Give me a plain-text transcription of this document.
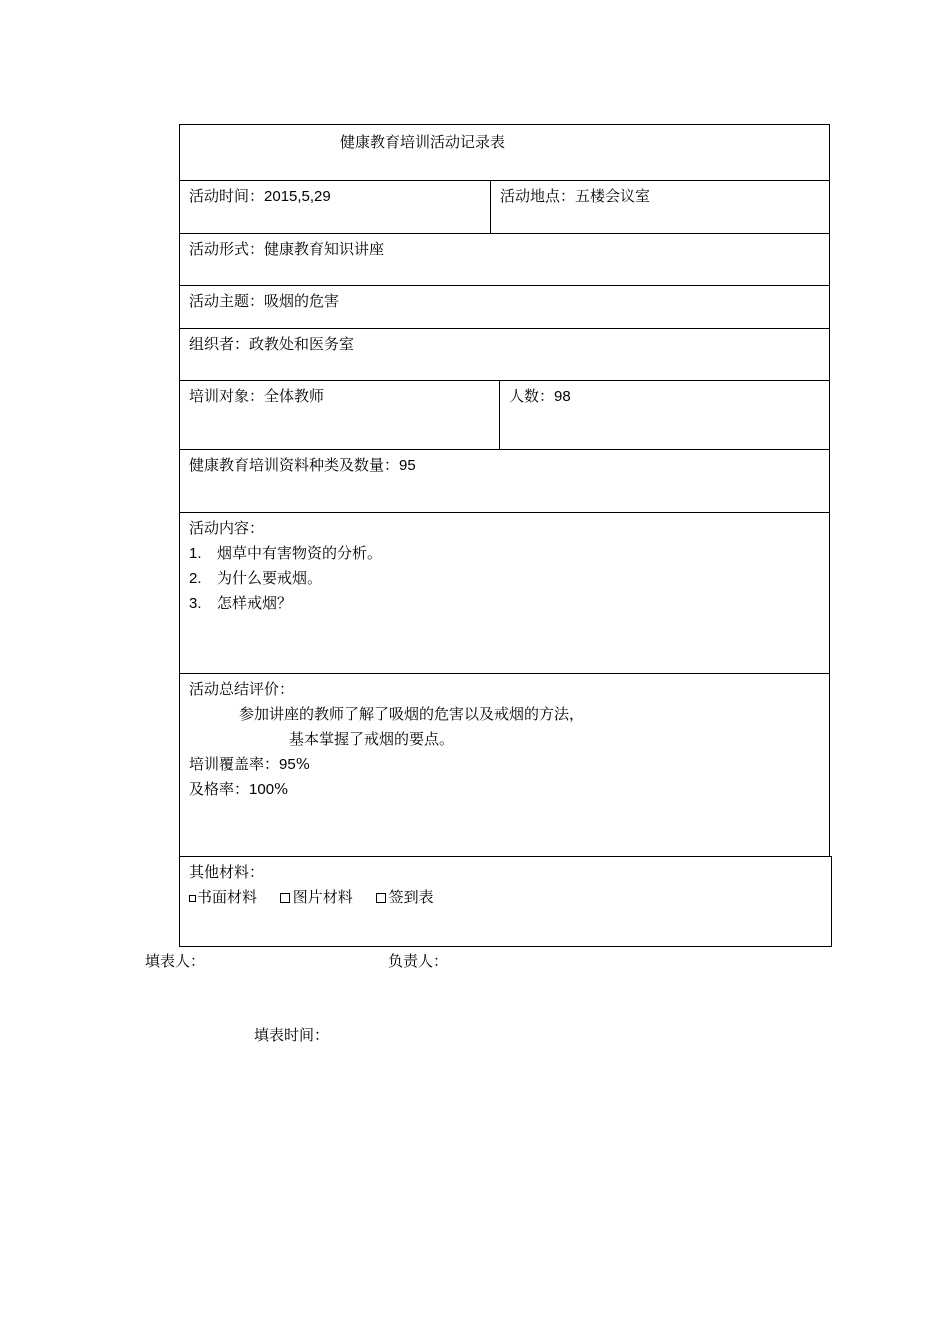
健康教育培训活动记录表
活动时间：2015,5,29	活动地点：五楼会议室
活动形式：健康教育知识讲座
活动主题：吸烟的危害
组织者：政教处和医务室
培训对象：全体教师	人数：98
健康教育培训资料种类及数量：95
活动内容：
1. 烟草中有害物资的分析。
2. 为什么要戒烟。
3. 怎样戒烟？
活动总结评价：
参加讲座的教师了解了吸烟的危害以及戒烟的方法，
基本掌握了戒烟的要点。
培训覆盖率：95%
及格率：100%
其他材料：
书面材料 图片材料 签到表
填表人：	负责人：
填表时间：
